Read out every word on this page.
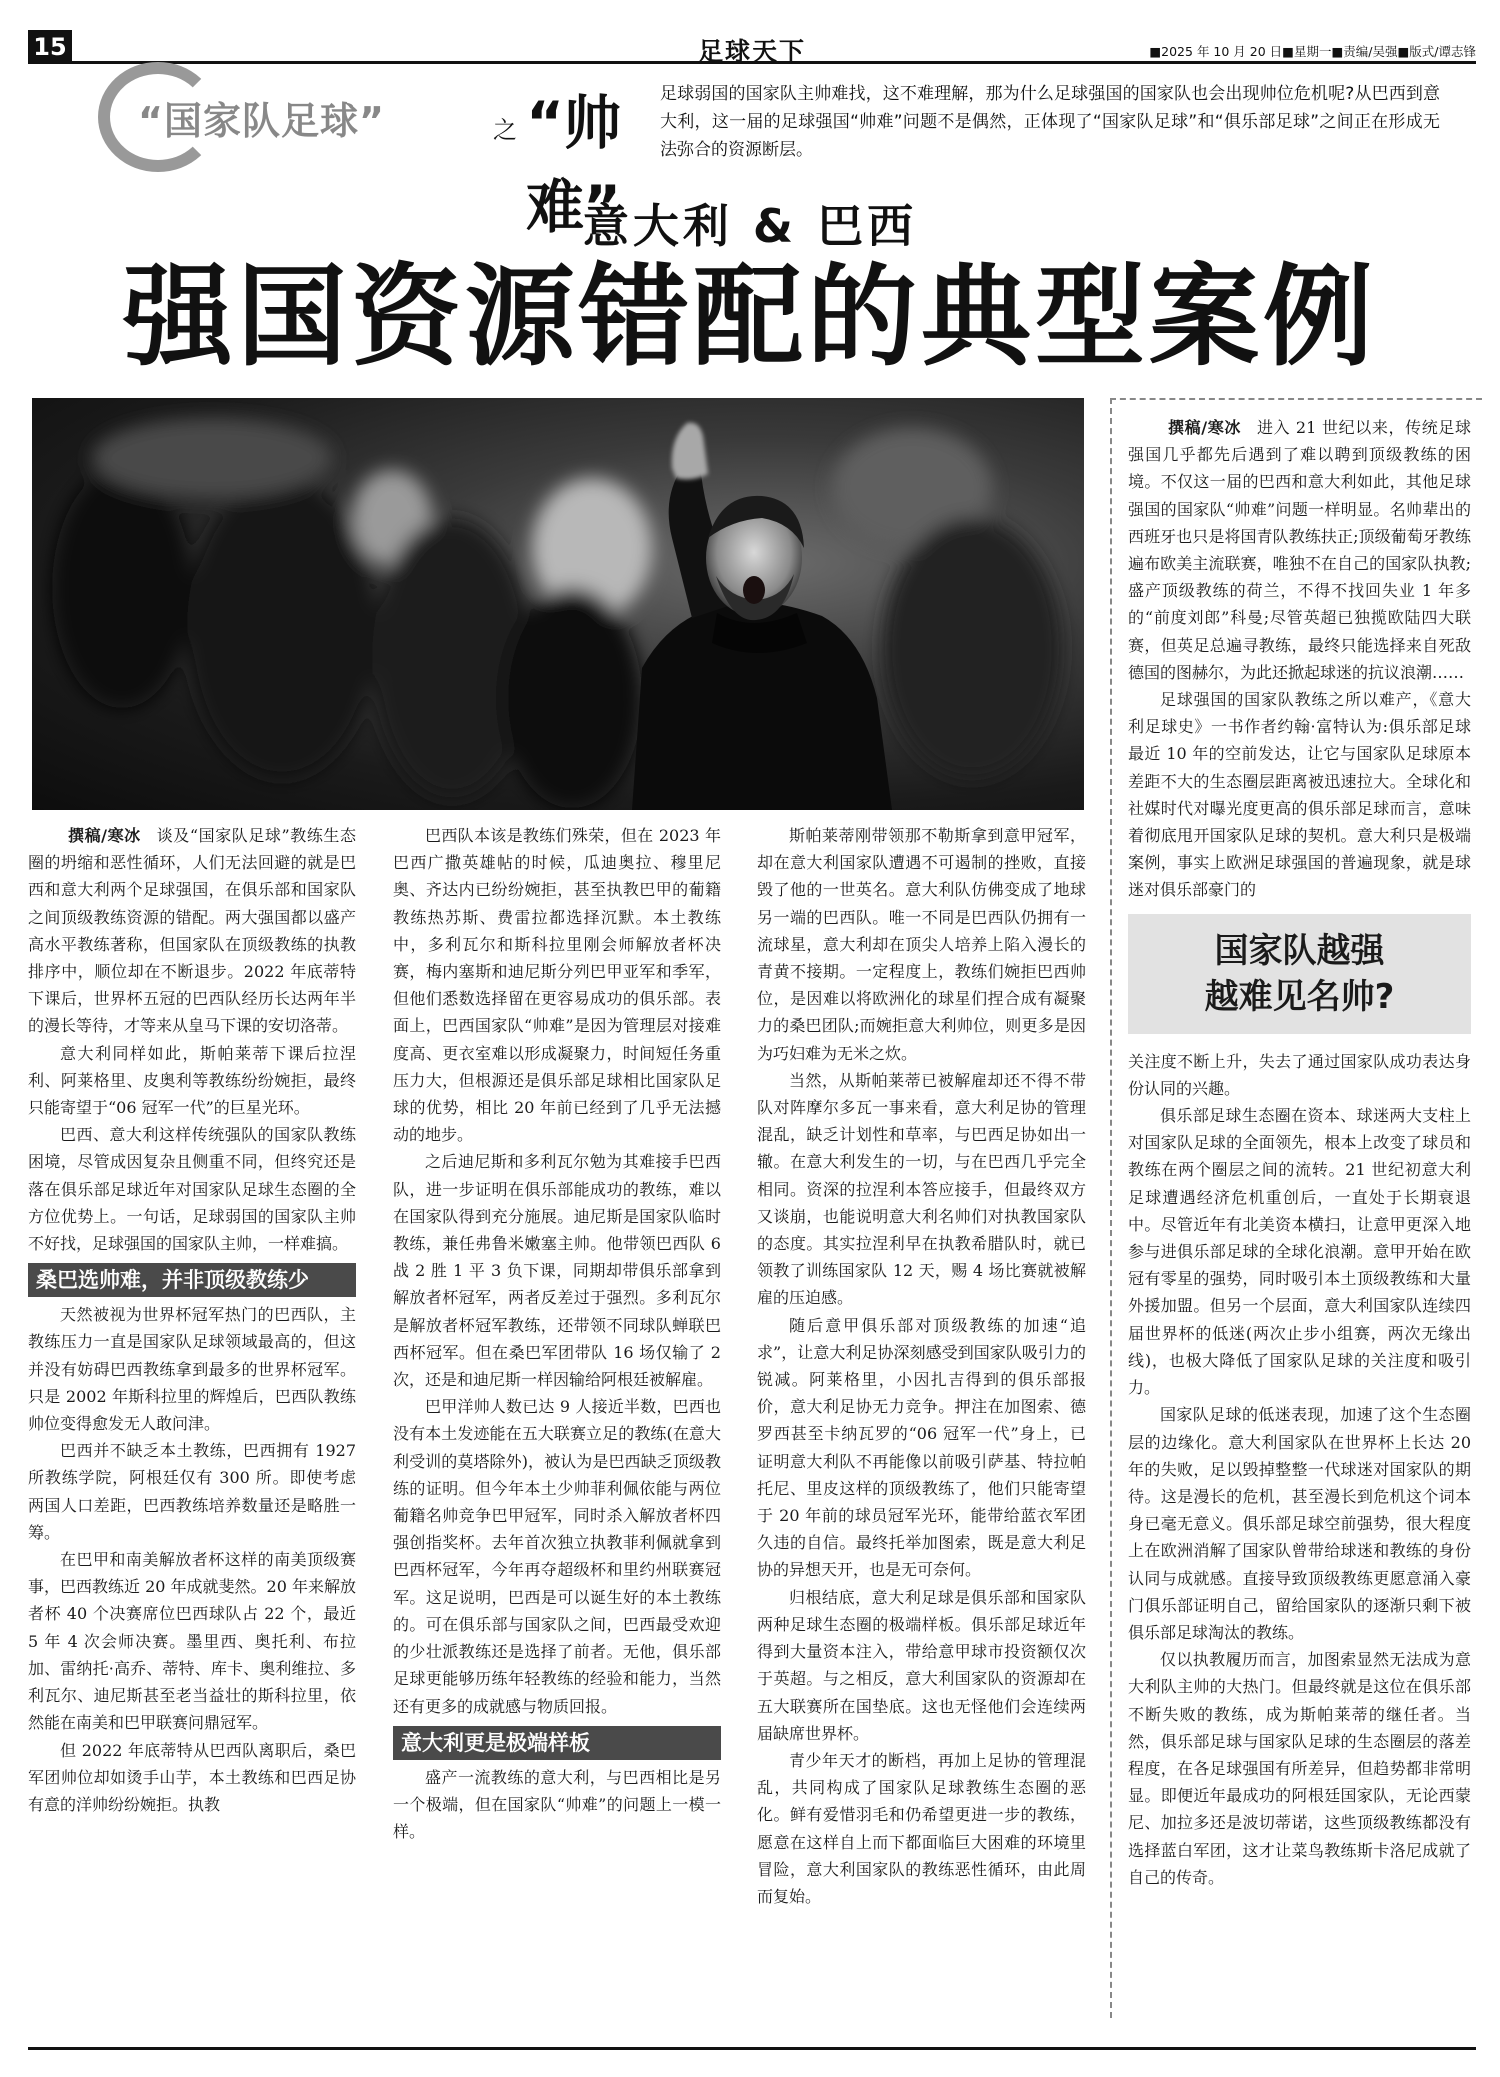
15	足球天下	■2025 年 10 月 20 日■星期一■责编/吴强■版式/谭志锋
“国家队足球”	之 “帅难”
足球弱国的国家队主帅难找，这不难理解，那为什么足球强国的国家队也会出现帅位危机呢?从巴西到意大利，这一届的足球强国“帅难”问题不是偶然，正体现了“国家队足球”和“俱乐部足球”之间正在形成无法弥合的资源断层。
意大利 & 巴西
强国资源错配的典型案例

撰稿/寒冰 谈及“国家队足球”教练生态圈的坍缩和恶性循环，人们无法回避的就是巴西和意大利两个足球强国，在俱乐部和国家队之间顶级教练资源的错配。两大强国都以盛产高水平教练著称，但国家队在顶级教练的执教排序中，顺位却在不断退步。2022 年底蒂特下课后，世界杯五冠的巴西队经历长达两年半的漫长等待，才等来从皇马下课的安切洛蒂。

意大利同样如此，斯帕莱蒂下课后拉涅利、阿莱格里、皮奥利等教练纷纷婉拒，最终只能寄望于“06 冠军一代”的巨星光环。

巴西、意大利这样传统强队的国家队教练困境，尽管成因复杂且侧重不同，但终究还是落在俱乐部足球近年对国家队足球生态圈的全方位优势上。一句话，足球弱国的国家队主帅不好找，足球强国的国家队主帅，一样难搞。

桑巴选帅难，并非顶级教练少

天然被视为世界杯冠军热门的巴西队，主教练压力一直是国家队足球领域最高的，但这并没有妨碍巴西教练拿到最多的世界杯冠军。只是 2002 年斯科拉里的辉煌后，巴西队教练帅位变得愈发无人敢问津。

巴西并不缺乏本土教练，巴西拥有 1927 所教练学院，阿根廷仅有 300 所。即使考虑两国人口差距，巴西教练培养数量还是略胜一筹。

在巴甲和南美解放者杯这样的南美顶级赛事，巴西教练近 20 年成就斐然。20 年来解放者杯 40 个决赛席位巴西球队占 22 个，最近 5 年 4 次会师决赛。墨里西、奥托利、布拉加、雷纳托·高乔、蒂特、库卡、奥利维拉、多利瓦尔、迪尼斯甚至老当益壮的斯科拉里，依然能在南美和巴甲联赛问鼎冠军。

但 2022 年底蒂特从巴西队离职后，桑巴军团帅位却如烫手山芋，本土教练和巴西足协有意的洋帅纷纷婉拒。执教

巴西队本该是教练们殊荣，但在 2023 年巴西广撒英雄帖的时候，瓜迪奥拉、穆里尼奥、齐达内已纷纷婉拒，甚至执教巴甲的葡籍教练热苏斯、费雷拉都选择沉默。本土教练中，多利瓦尔和斯科拉里刚会师解放者杯决赛，梅内塞斯和迪尼斯分列巴甲亚军和季军，但他们悉数选择留在更容易成功的俱乐部。表面上，巴西国家队“帅难”是因为管理层对接难度高、更衣室难以形成凝聚力，时间短任务重压力大，但根源还是俱乐部足球相比国家队足球的优势，相比 20 年前已经到了几乎无法撼动的地步。

之后迪尼斯和多利瓦尔勉为其难接手巴西队，进一步证明在俱乐部能成功的教练，难以在国家队得到充分施展。迪尼斯是国家队临时教练，兼任弗鲁米嫩塞主帅。他带领巴西队 6 战 2 胜 1 平 3 负下课，同期却带俱乐部拿到解放者杯冠军，两者反差过于强烈。多利瓦尔是解放者杯冠军教练，还带领不同球队蝉联巴西杯冠军。但在桑巴军团带队 16 场仅输了 2 次，还是和迪尼斯一样因输给阿根廷被解雇。

巴甲洋帅人数已达 9 人接近半数，巴西也没有本土发迹能在五大联赛立足的教练(在意大利受训的莫塔除外)，被认为是巴西缺乏顶级教练的证明。但今年本土少帅菲利佩依能与两位葡籍名帅竞争巴甲冠军，同时杀入解放者杯四强创指奖杯。去年首次独立执教菲利佩就拿到巴西杯冠军，今年再夺超级杯和里约州联赛冠军。这足说明，巴西是可以诞生好的本土教练的。可在俱乐部与国家队之间，巴西最受欢迎的少壮派教练还是选择了前者。无他，俱乐部足球更能够历练年轻教练的经验和能力，当然还有更多的成就感与物质回报。

意大利更是极端样板

盛产一流教练的意大利，与巴西相比是另一个极端，但在国家队“帅难”的问题上一模一样。

斯帕莱蒂刚带领那不勒斯拿到意甲冠军，却在意大利国家队遭遇不可遏制的挫败，直接毁了他的一世英名。意大利队仿佛变成了地球另一端的巴西队。唯一不同是巴西队仍拥有一流球星，意大利却在顶尖人培养上陷入漫长的青黄不接期。一定程度上，教练们婉拒巴西帅位，是因难以将欧洲化的球星们捏合成有凝聚力的桑巴团队;而婉拒意大利帅位，则更多是因为巧妇难为无米之炊。

当然，从斯帕莱蒂已被解雇却还不得不带队对阵摩尔多瓦一事来看，意大利足协的管理混乱，缺乏计划性和草率，与巴西足协如出一辙。在意大利发生的一切，与在巴西几乎完全相同。资深的拉涅利本答应接手，但最终双方又谈崩，也能说明意大利名帅们对执教国家队的态度。其实拉涅利早在执教希腊队时，就已领教了训练国家队 12 天，赐 4 场比赛就被解雇的压迫感。

随后意甲俱乐部对顶级教练的加速“追求”，让意大利足协深刻感受到国家队吸引力的锐减。阿莱格里，小因扎吉得到的俱乐部报价，意大利足协无力竞争。押注在加图索、德罗西甚至卡纳瓦罗的“06 冠军一代”身上，已证明意大利队不再能像以前吸引萨基、特拉帕托尼、里皮这样的顶级教练了，他们只能寄望于 20 年前的球员冠军光环，能带给蓝衣军团久违的自信。最终托举加图索，既是意大利足协的异想天开，也是无可奈何。

归根结底，意大利足球是俱乐部和国家队两种足球生态圈的极端样板。俱乐部足球近年得到大量资本注入，带给意甲球市投资额仅次于英超。与之相反，意大利国家队的资源却在五大联赛所在国垫底。这也无怪他们会连续两届缺席世界杯。

青少年天才的断档，再加上足协的管理混乱，共同构成了国家队足球教练生态圈的恶化。鲜有爱惜羽毛和仍希望更进一步的教练，愿意在这样自上而下都面临巨大困难的环境里冒险，意大利国家队的教练恶性循环，由此周而复始。

撰稿/寒冰 进入 21 世纪以来，传统足球强国几乎都先后遇到了难以聘到顶级教练的困境。不仅这一届的巴西和意大利如此，其他足球强国的国家队“帅难”问题一样明显。名帅辈出的西班牙也只是将国青队教练扶正;顶级葡萄牙教练遍布欧美主流联赛，唯独不在自己的国家队执教;盛产顶级教练的荷兰，不得不找回失业 1 年多的“前度刘郎”科曼;尽管英超已独揽欧陆四大联赛，但英足总遍寻教练，最终只能选择来自死敌德国的图赫尔，为此还掀起球迷的抗议浪潮……

足球强国的国家队教练之所以难产，《意大利足球史》一书作者约翰·富特认为:俱乐部足球最近 10 年的空前发达，让它与国家队足球原本差距不大的生态圈层距离被迅速拉大。全球化和社媒时代对曝光度更高的俱乐部足球而言，意味着彻底甩开国家队足球的契机。意大利只是极端案例，事实上欧洲足球强国的普遍现象，就是球迷对俱乐部豪门的

国家队越强
越难见名帅?

关注度不断上升，失去了通过国家队成功表达身份认同的兴趣。

俱乐部足球生态圈在资本、球迷两大支柱上对国家队足球的全面领先，根本上改变了球员和教练在两个圈层之间的流转。21 世纪初意大利足球遭遇经济危机重创后，一直处于长期衰退中。尽管近年有北美资本横扫，让意甲更深入地参与进俱乐部足球的全球化浪潮。意甲开始在欧冠有零星的强势，同时吸引本土顶级教练和大量外援加盟。但另一个层面，意大利国家队连续四届世界杯的低迷(两次止步小组赛，两次无缘出线)，也极大降低了国家队足球的关注度和吸引力。

国家队足球的低迷表现，加速了这个生态圈层的边缘化。意大利国家队在世界杯上长达 20 年的失败，足以毁掉整整一代球迷对国家队的期待。这是漫长的危机，甚至漫长到危机这个词本身已毫无意义。俱乐部足球空前强势，很大程度上在欧洲消解了国家队曾带给球迷和教练的身份认同与成就感。直接导致顶级教练更愿意涌入豪门俱乐部证明自己，留给国家队的逐渐只剩下被俱乐部足球淘汰的教练。

仅以执教履历而言，加图索显然无法成为意大利队主帅的大热门。但最终就是这位在俱乐部不断失败的教练，成为斯帕莱蒂的继任者。当然，俱乐部足球与国家队足球的生态圈层的落差程度，在各足球强国有所差异，但趋势都非常明显。即便近年最成功的阿根廷国家队，无论西蒙尼、加拉多还是波切蒂诺，这些顶级教练都没有选择蓝白军团，这才让菜鸟教练斯卡洛尼成就了自己的传奇。
